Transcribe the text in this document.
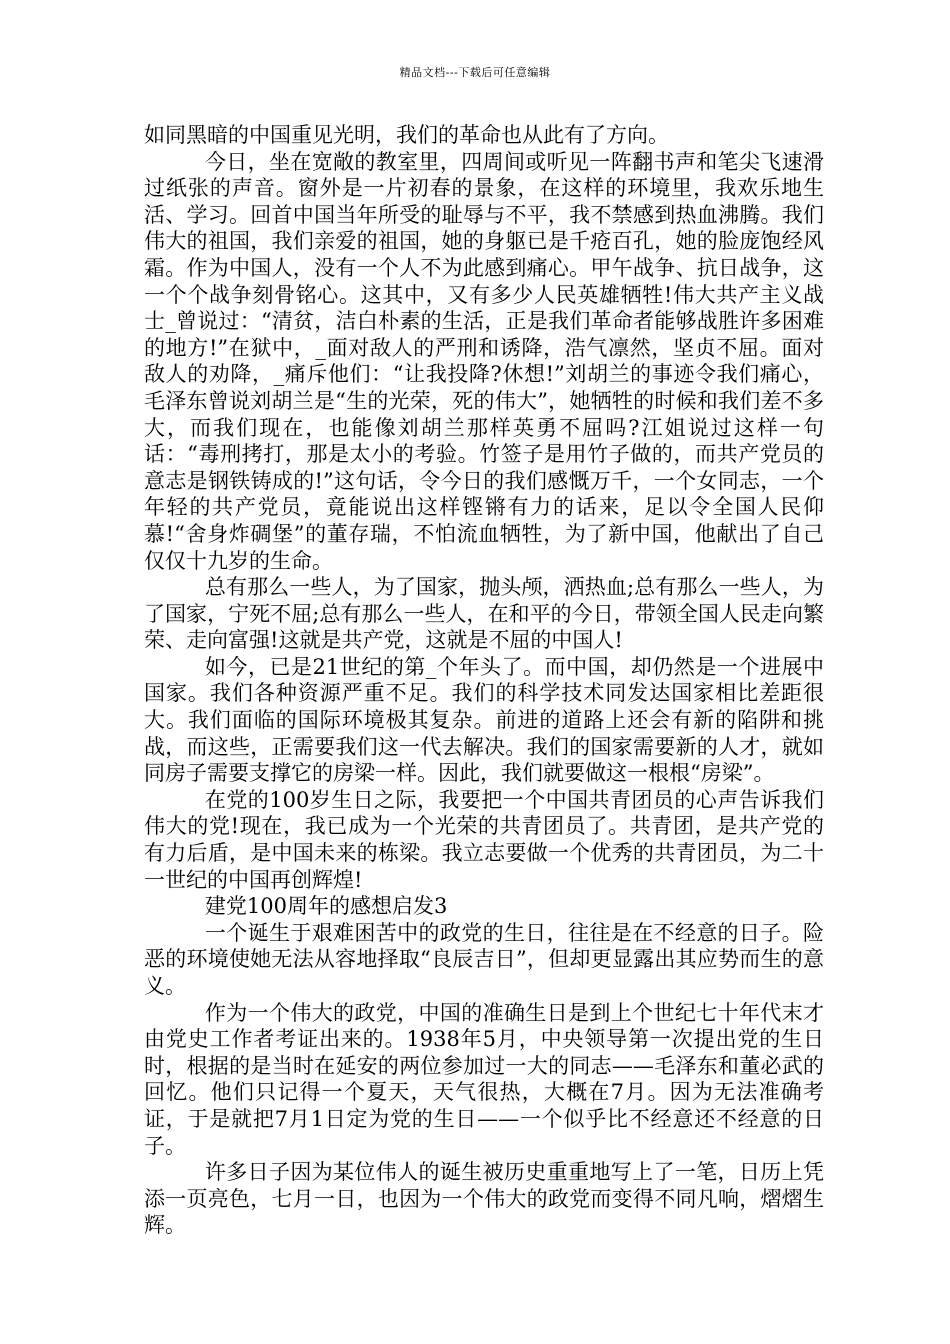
精品文档---下载后可任意编辑

如同黑暗的中国重见光明，我们的革命也从此有了方向。

今日，坐在宽敞的教室里，四周间或听见一阵翻书声和笔尖飞速滑过纸张的声音。窗外是一片初春的景象，在这样的环境里，我欢乐地生活、学习。回首中国当年所受的耻辱与不平，我不禁感到热血沸腾。我们伟大的祖国，我们亲爱的祖国，她的身躯已是千疮百孔，她的脸庞饱经风霜。作为中国人，没有一个人不为此感到痛心。甲午战争、抗日战争，这一个个战争刻骨铭心。这其中，又有多少人民英雄牺牲!伟大共产主义战士_曾说过：“清贫，洁白朴素的生活，正是我们革命者能够战胜许多困难的地方!”在狱中，_面对敌人的严刑和诱降，浩气凛然，坚贞不屈。面对敌人的劝降，_痛斥他们：“让我投降?休想!”刘胡兰的事迹令我们痛心，毛泽东曾说刘胡兰是“生的光荣，死的伟大”，她牺牲的时候和我们差不多大，而我们现在，也能像刘胡兰那样英勇不屈吗?江姐说过这样一句话：“毒刑拷打，那是太小的考验。竹签子是用竹子做的，而共产党员的意志是钢铁铸成的!”这句话，令今日的我们感慨万千，一个女同志，一个年轻的共产党员，竟能说出这样铿锵有力的话来，足以令全国人民仰慕!“舍身炸碉堡”的董存瑞，不怕流血牺牲，为了新中国，他献出了自己仅仅十九岁的生命。

总有那么一些人，为了国家，抛头颅，洒热血;总有那么一些人，为了国家，宁死不屈;总有那么一些人，在和平的今日，带领全国人民走向繁荣、走向富强!这就是共产党，这就是不屈的中国人!

如今，已是21世纪的第_个年头了。而中国，却仍然是一个进展中国家。我们各种资源严重不足。我们的科学技术同发达国家相比差距很大。我们面临的国际环境极其复杂。前进的道路上还会有新的陷阱和挑战，而这些，正需要我们这一代去解决。我们的国家需要新的人才，就如同房子需要支撑它的房梁一样。因此，我们就要做这一根根“房梁”。

在党的100岁生日之际，我要把一个中国共青团员的心声告诉我们伟大的党!现在，我已成为一个光荣的共青团员了。共青团，是共产党的有力后盾，是中国未来的栋梁。我立志要做一个优秀的共青团员，为二十一世纪的中国再创辉煌!

建党100周年的感想启发3

一个诞生于艰难困苦中的政党的生日，往往是在不经意的日子。险恶的环境使她无法从容地择取“良辰吉日”，但却更显露出其应势而生的意义。

作为一个伟大的政党，中国的准确生日是到上个世纪七十年代末才由党史工作者考证出来的。1938年5月，中央领导第一次提出党的生日时，根据的是当时在延安的两位参加过一大的同志——毛泽东和董必武的回忆。他们只记得一个夏天，天气很热，大概在7月。因为无法准确考证，于是就把7月1日定为党的生日——一个似乎比不经意还不经意的日子。

许多日子因为某位伟人的诞生被历史重重地写上了一笔，日历上凭添一页亮色，七月一日，也因为一个伟大的政党而变得不同凡响，熠熠生辉。
